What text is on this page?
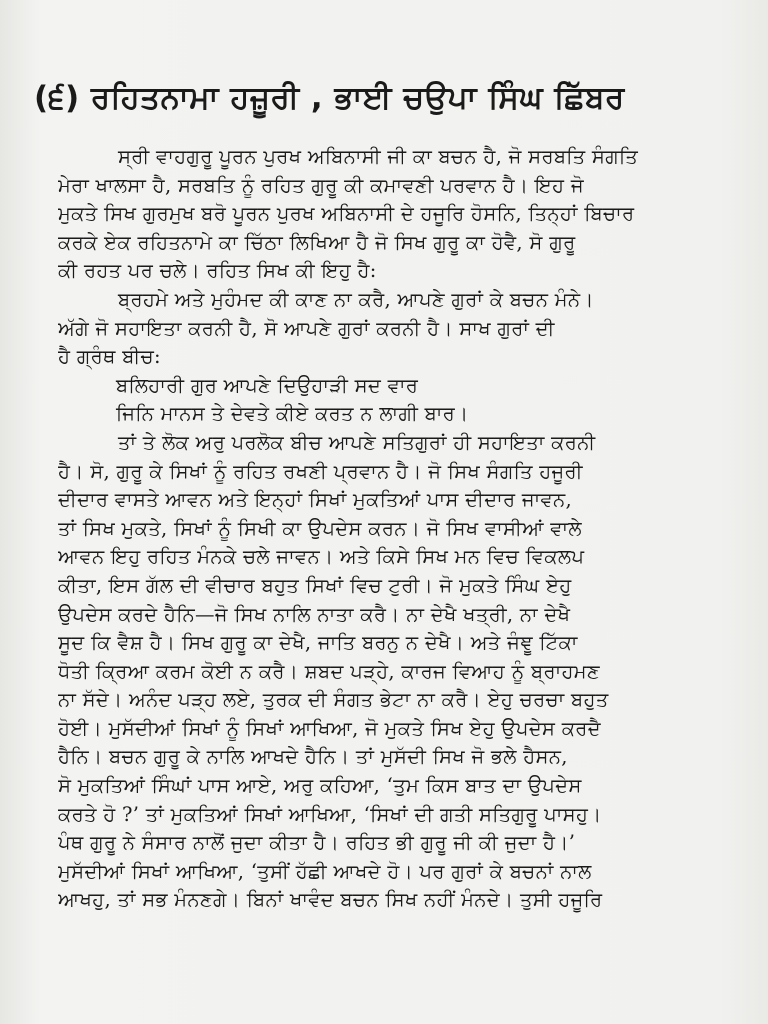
(੬) ਰਹਿਤਨਾਮਾ ਹਜ਼ੂਰੀ , ਭਾਈ ਚਉਪਾ ਸਿੰਘ ਛਿੱਬਰ
ਸ੍ਰੀ ਵਾਹਗੁਰੂ ਪੂਰਨ ਪੁਰਖ ਅਬਿਨਾਸੀ ਜੀ ਕਾ ਬਚਨ ਹੈ, ਜੋ ਸਰਬਤਿ ਸੰਗਤਿ
ਮੇਰਾ ਖਾਲਸਾ ਹੈ, ਸਰਬਤਿ ਨੂੰ ਰਹਿਤ ਗੁਰੂ ਕੀ ਕਮਾਵਣੀ ਪਰਵਾਨ ਹੈ। ਇਹ ਜੋ
ਮੁਕਤੇ ਸਿਖ ਗੁਰਮੁਖ ਬਰੋ ਪੂਰਨ ਪੁਰਖ ਅਬਿਨਾਸੀ ਦੇ ਹਜੂਰਿ ਹੋਸਨਿ, ਤਿਨ੍ਹਾਂ ਬਿਚਾਰ
ਕਰਕੇ ਏਕ ਰਹਿਤਨਾਮੇ ਕਾ ਚਿੱਠਾ ਲਿਖਿਆ ਹੈ ਜੋ ਸਿਖ ਗੁਰੂ ਕਾ ਹੋਵੈ, ਸੋ ਗੁਰੂ
ਕੀ ਰਹਤ ਪਰ ਚਲੇ। ਰਹਿਤ ਸਿਖ ਕੀ ਇਹੁ ਹੈ:
ਬ੍ਰਹਮੇ ਅਤੇ ਮੁਹੰਮਦ ਕੀ ਕਾਣ ਨਾ ਕਰੈ, ਆਪਣੇ ਗੁਰਾਂ ਕੇ ਬਚਨ ਮੰਨੇ।
ਅੱਗੇ ਜੋ ਸਹਾਇਤਾ ਕਰਨੀ ਹੈ, ਸੋ ਆਪਣੇ ਗੁਰਾਂ ਕਰਨੀ ਹੈ। ਸਾਖ ਗੁਰਾਂ ਦੀ
ਹੈ ਗ੍ਰੰਥ ਬੀਚ:
ਬਲਿਹਾਰੀ ਗੁਰ ਆਪਣੇ ਦਿਉਹਾੜੀ ਸਦ ਵਾਰ
ਜਿਨਿ ਮਾਨਸ ਤੇ ਦੇਵਤੇ ਕੀਏ ਕਰਤ ਨ ਲਾਗੀ ਬਾਰ।
ਤਾਂ ਤੇ ਲੋਕ ਅਰੁ ਪਰਲੋਕ ਬੀਚ ਆਪਣੇ ਸਤਿਗੁਰਾਂ ਹੀ ਸਹਾਇਤਾ ਕਰਨੀ
ਹੈ। ਸੋ, ਗੁਰੂ ਕੇ ਸਿਖਾਂ ਨੂੰ ਰਹਿਤ ਰਖਣੀ ਪ੍ਰਵਾਨ ਹੈ। ਜੋ ਸਿਖ ਸੰਗਤਿ ਹਜੂਰੀ
ਦੀਦਾਰ ਵਾਸਤੇ ਆਵਨ ਅਤੇ ਇਨ੍ਹਾਂ ਸਿਖਾਂ ਮੁਕਤਿਆਂ ਪਾਸ ਦੀਦਾਰ ਜਾਵਨ,
ਤਾਂ ਸਿਖ ਮੁਕਤੇ, ਸਿਖਾਂ ਨੂੰ ਸਿਖੀ ਕਾ ਉਪਦੇਸ ਕਰਨ। ਜੋ ਸਿਖ ਵਾਸੀਆਂ ਵਾਲੇ
ਆਵਨ ਇਹੁ ਰਹਿਤ ਮੰਨਕੇ ਚਲੇ ਜਾਵਨ। ਅਤੇ ਕਿਸੇ ਸਿਖ ਮਨ ਵਿਚ ਵਿਕਲਪ
ਕੀਤਾ, ਇਸ ਗੱਲ ਦੀ ਵੀਚਾਰ ਬਹੁਤ ਸਿਖਾਂ ਵਿਚ ਟੁਰੀ। ਜੋ ਮੁਕਤੇ ਸਿੰਘ ਏਹੁ
ਉਪਦੇਸ ਕਰਦੇ ਹੈਨਿ—ਜੋ ਸਿਖ ਨਾਲਿ ਨਾਤਾ ਕਰੈ। ਨਾ ਦੇਖੈ ਖਤ੍ਰੀ, ਨਾ ਦੇਖੈ
ਸੂਦ ਕਿ ਵੈਸ਼ ਹੈ। ਸਿਖ ਗੁਰੂ ਕਾ ਦੇਖੈ, ਜਾਤਿ ਬਰਨੁ ਨ ਦੇਖੈ। ਅਤੇ ਜੰਞੂ ਟਿੱਕਾ
ਧੋਤੀ ਕ੍ਰਿਆ ਕਰਮ ਕੋਈ ਨ ਕਰੈ। ਸ਼ਬਦ ਪੜ੍ਹੇ, ਕਾਰਜ ਵਿਆਹ ਨੂੰ ਬ੍ਰਾਹਮਣ
ਨਾ ਸੱਦੇ। ਅਨੰਦ ਪੜ੍ਹ ਲਏ, ਤੁਰਕ ਦੀ ਸੰਗਤ ਭੇਟਾ ਨਾ ਕਰੈ। ਏਹੁ ਚਰਚਾ ਬਹੁਤ
ਹੋਈ। ਮੁਸੱਦੀਆਂ ਸਿਖਾਂ ਨੂੰ ਸਿਖਾਂ ਆਖਿਆ, ਜੋ ਮੁਕਤੇ ਸਿਖ ਏਹੁ ਉਪਦੇਸ ਕਰਦੈ
ਹੈਨਿ। ਬਚਨ ਗੁਰੂ ਕੇ ਨਾਲਿ ਆਖਦੇ ਹੈਨਿ। ਤਾਂ ਮੁਸੱਦੀ ਸਿਖ ਜੋ ਭਲੇ ਹੈਸਨ,
ਸੋ ਮੁਕਤਿਆਂ ਸਿੰਘਾਂ ਪਾਸ ਆਏ, ਅਰੁ ਕਹਿਆ, ‘ਤੁਮ ਕਿਸ ਬਾਤ ਦਾ ਉਪਦੇਸ
ਕਰਤੇ ਹੋ ?’ ਤਾਂ ਮੁਕਤਿਆਂ ਸਿਖਾਂ ਆਖਿਆ, ‘ਸਿਖਾਂ ਦੀ ਗਤੀ ਸਤਿਗੁਰੂ ਪਾਸਹੁ।
ਪੰਥ ਗੁਰੂ ਨੇ ਸੰਸਾਰ ਨਾਲੋਂ ਜੁਦਾ ਕੀਤਾ ਹੈ। ਰਹਿਤ ਭੀ ਗੁਰੂ ਜੀ ਕੀ ਜੁਦਾ ਹੈ।’
ਮੁਸੱਦੀਆਂ ਸਿਖਾਂ ਆਖਿਆ, ‘ਤੁਸੀਂ ਹੱਛੀ ਆਖਦੇ ਹੋ। ਪਰ ਗੁਰਾਂ ਕੇ ਬਚਨਾਂ ਨਾਲ
ਆਖਹੁ, ਤਾਂ ਸਭ ਮੰਨਣਗੇ। ਬਿਨਾਂ ਖਾਵੰਦ ਬਚਨ ਸਿਖ ਨਹੀਂ ਮੰਨਦੇ। ਤੁਸੀ ਹਜੂਰਿ
